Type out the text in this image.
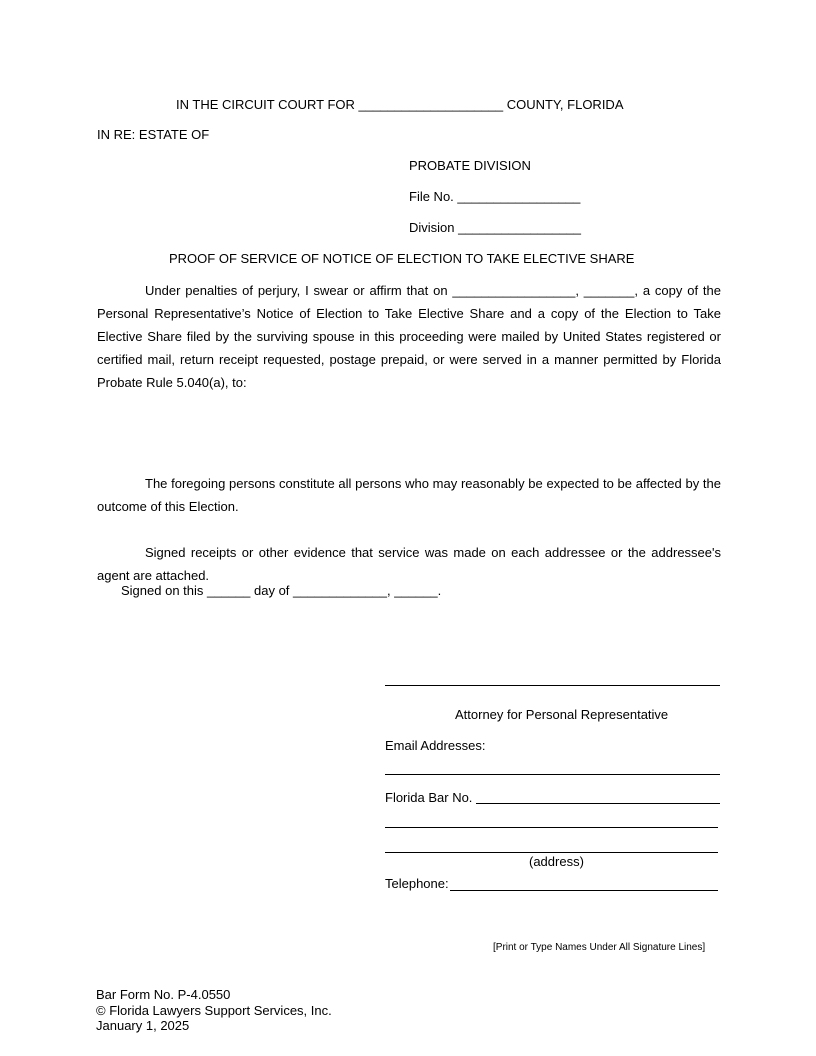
IN THE CIRCUIT COURT FOR ____________________ COUNTY, FLORIDA
IN RE: ESTATE OF
PROBATE DIVISION
File No. _________________
Division _________________
PROOF OF SERVICE OF NOTICE OF ELECTION TO TAKE ELECTIVE SHARE
Under penalties of perjury, I swear or affirm that on _________________, _______, a copy of the Personal Representative’s Notice of Election to Take Elective Share and a copy of the Election to Take Elective Share filed by the surviving spouse in this proceeding were mailed by United States registered or certified mail, return receipt requested, postage prepaid, or were served in a manner permitted by Florida Probate Rule 5.040(a), to:
The foregoing persons constitute all persons who may reasonably be expected to be affected by the outcome of this Election.
Signed receipts or other evidence that service was made on each addressee or the addressee's agent are attached.
Signed on this ______ day of _____________, ______.
Attorney for Personal Representative
Email Addresses:
Florida Bar No.
(address)
Telephone:
[Print or Type Names Under All Signature Lines]
Bar Form No. P-4.0550
© Florida Lawyers Support Services, Inc.
January 1, 2025
